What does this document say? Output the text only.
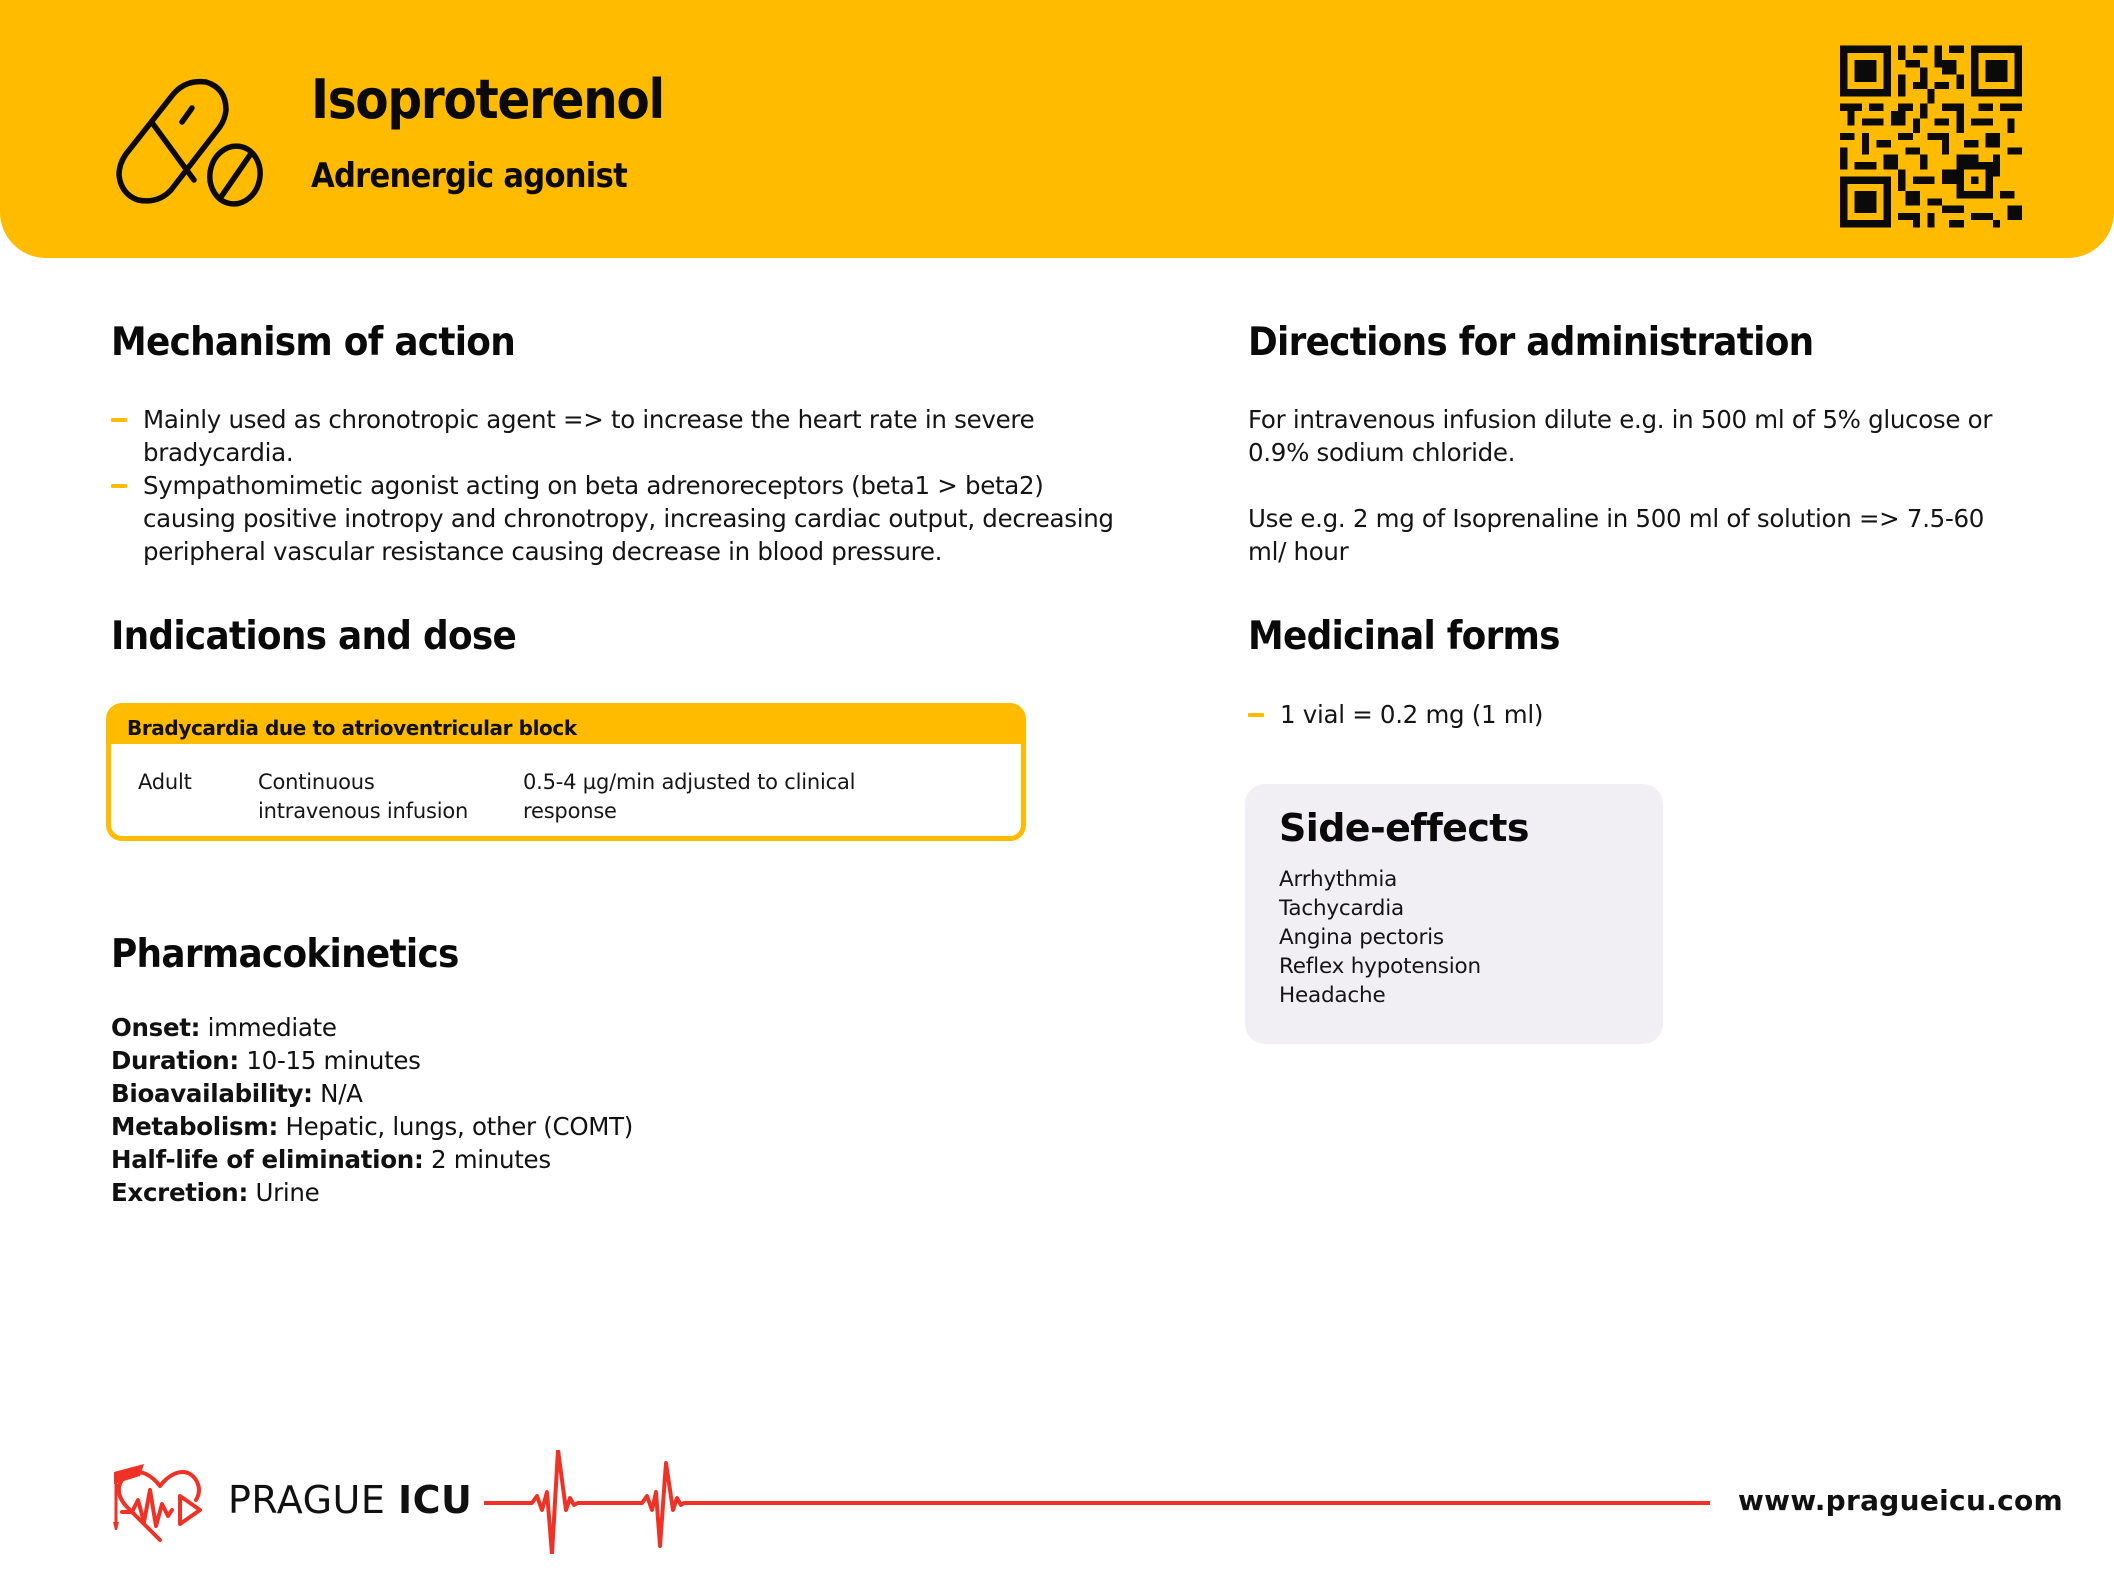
Isoproterenol
Adrenergic agonist
Mechanism of action
Mainly used as chronotropic agent => to increase the heart rate in severe bradycardia.
Sympathomimetic agonist acting on beta adrenoreceptors (beta1 > beta2) causing positive inotropy and chronotropy, increasing cardiac output, decreasing peripheral vascular resistance causing decrease in blood pressure.
Indications and dose
Bradycardia due to atrioventricular block
Adult	Continuous intravenous infusion
0.5-4 µg/min adjusted to clinical response
Pharmacokinetics
Onset: immediate
Duration: 10-15 minutes
Bioavailability: N/A
Metabolism: Hepatic, lungs, other (COMT)
Half-life of elimination: 2 minutes
Excretion: Urine
Directions for administration
For intravenous infusion dilute e.g. in 500 ml of 5% glucose or 0.9% sodium chloride.
Use e.g. 2 mg of Isoprenaline in 500 ml of solution => 7.5-60 ml/ hour
Medicinal forms
1 vial = 0.2 mg (1 ml)
Side-effects
Arrhythmia
Tachycardia
Angina pectoris
Reflex hypotension
Headache
PRAGUE ICU	www.pragueicu.com
